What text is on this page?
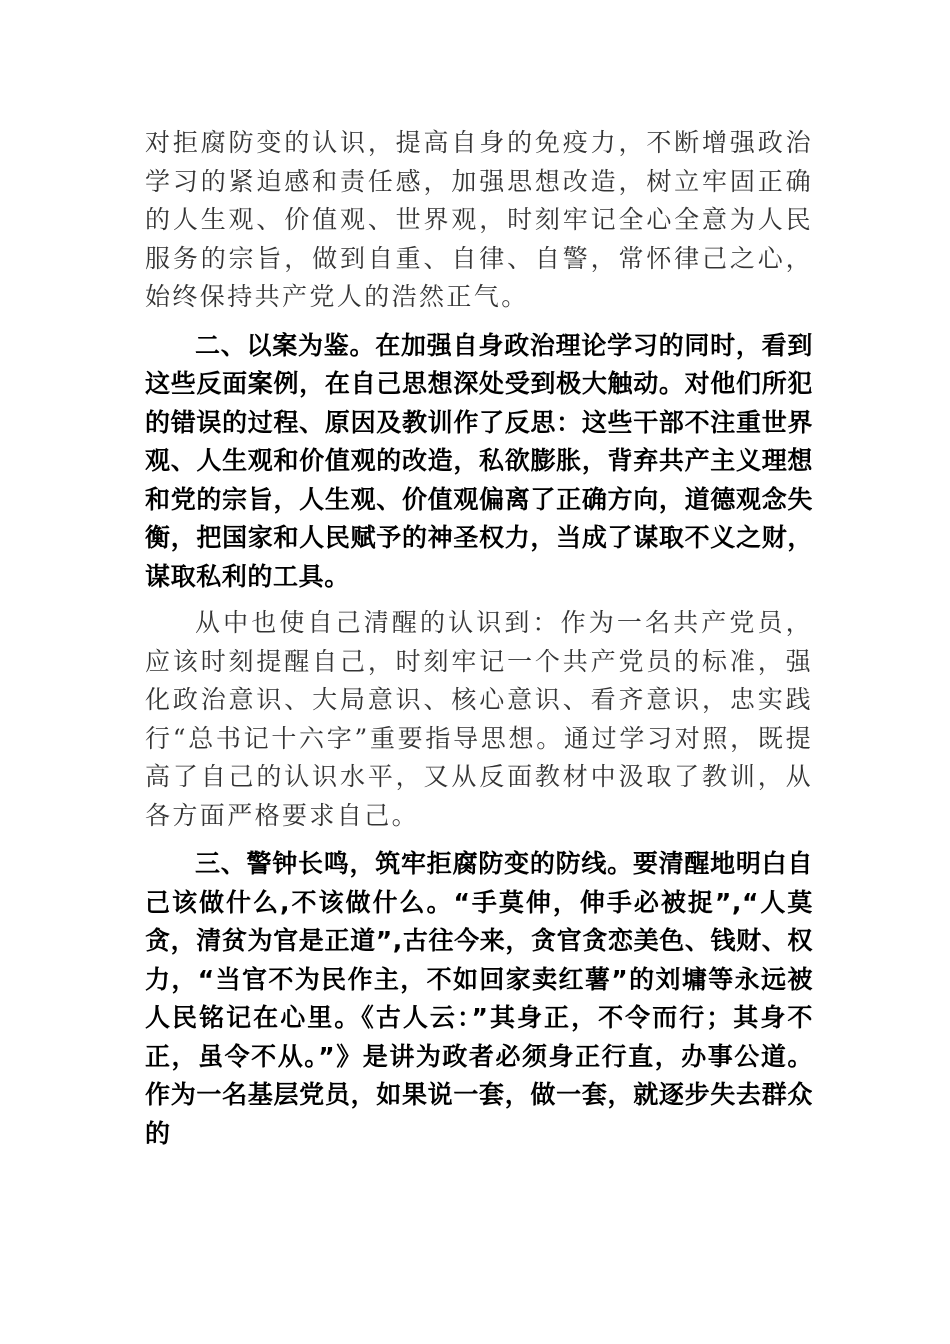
对拒腐防变的认识，提高自身的免疫力，不断增强政治学习的紧迫感和责任感，加强思想改造，树立牢固正确的人生观、价值观、世界观，时刻牢记全心全意为人民服务的宗旨，做到自重、自律、自警，常怀律己之心，始终保持共产党人的浩然正气。

二、以案为鉴。在加强自身政治理论学习的同时，看到这些反面案例，在自己思想深处受到极大触动。对他们所犯的错误的过程、原因及教训作了反思：这些干部不注重世界观、人生观和价值观的改造，私欲膨胀，背弃共产主义理想和党的宗旨，人生观、价值观偏离了正确方向，道德观念失衡，把国家和人民赋予的神圣权力，当成了谋取不义之财，谋取私利的工具。

从中也使自己清醒的认识到：作为一名共产党员，应该时刻提醒自己，时刻牢记一个共产党员的标准，强化政治意识、大局意识、核心意识、看齐意识，忠实践行“总书记十六字”重要指导思想。通过学习对照，既提高了自己的认识水平，又从反面教材中汲取了教训，从各方面严格要求自己。

三、警钟长鸣，筑牢拒腐防变的防线。要清醒地明白自己该做什么,不该做什么。“手莫伸，伸手必被捉”,“人莫贪，清贫为官是正道”,古往今来，贪官贪恋美色、钱财、权力，“当官不为民作主，不如回家卖红薯”的刘墉等永远被人民铭记在心里。《古人云：”其身正，不令而行；其身不正，虽令不从。”》是讲为政者必须身正行直，办事公道。作为一名基层党员，如果说一套，做一套，就逐步失去群众的
